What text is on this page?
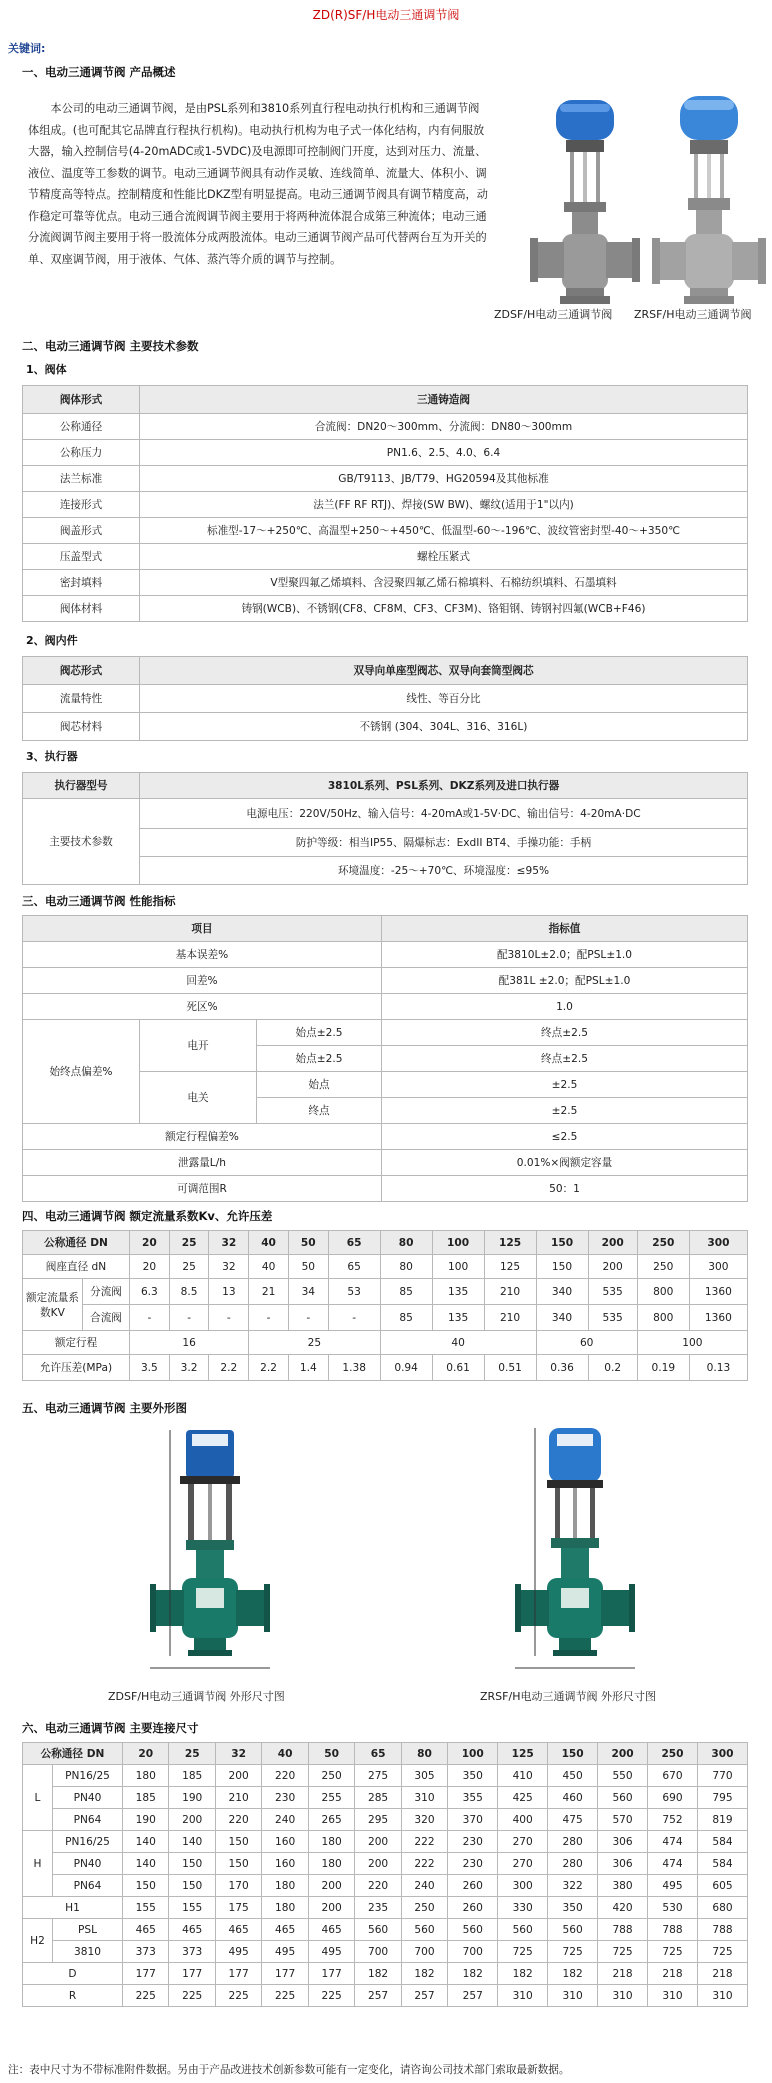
ZD(R)SF/H电动三通调节阀
关键词:
一、电动三通调节阀 产品概述
本公司的电动三通调节阀，是由PSL系列和3810系列直行程电动执行机构和三通调节阀体组成。(也可配其它品牌直行程执行机构)。电动执行机构为电子式一体化结构，内有伺服放大器，输入控制信号(4-20mADC或1-5VDC)及电源即可控制阀门开度，达到对压力、流量、液位、温度等工参数的调节。电动三通调节阀具有动作灵敏、连线简单、流量大、体积小、调节精度高等特点。控制精度和性能比DKZ型有明显提高。电动三通调节阀具有调节精度高，动作稳定可靠等优点。电动三通合流阀调节阀主要用于将两种流体混合成第三种流体；电动三通分流阀调节阀主要用于将一股流体分成两股流体。电动三通调节阀产品可代替两台互为开关的单、双座调节阀，用于液体、气体、蒸汽等介质的调节与控制。
ZDSF/H电动三通调节阀 ZRSF/H电动三通调节阀
二、电动三通调节阀 主要技术参数
1、阀体
阀体形式	三通铸造阀
公称通径	合流阀：DN20～300mm、分流阀：DN80～300mm
公称压力	PN1.6、2.5、4.0、6.4
法兰标准	GB/T9113、JB/T79、HG20594及其他标准
连接形式	法兰(FF RF RTJ)、焊接(SW BW)、螺纹(适用于1"以内)
阀盖形式	标准型-17～+250℃、高温型+250～+450℃、低温型-60～-196℃、波纹管密封型-40～+350℃
压盖型式	螺栓压紧式
密封填料	V型聚四氟乙烯填料、含浸聚四氟乙烯石棉填料、石棉纺织填料、石墨填料
阀体材料	铸钢(WCB)、不锈钢(CF8、CF8M、CF3、CF3M)、铬钼钢、铸钢衬四氟(WCB+F46)
2、阀内件
阀芯形式	双导向单座型阀芯、双导向套筒型阀芯
流量特性	线性、等百分比
阀芯材料	不锈钢 (304、304L、316、316L)
3、执行器
执行器型号	3810L系列、PSL系列、DKZ系列及进口执行器
主要技术参数	电源电压：220V/50Hz、输入信号：4-20mA或1-5V·DC、输出信号：4-20mA·DC
	防护等级：相当IP55、隔爆标志：ExdII BT4、手操功能：手柄
	环境温度：-25～+70℃、环境湿度：≤95%
三、电动三通调节阀 性能指标
项目			指标值
基本误差%			配3810L±2.0；配PSL±1.0
回差%			配381L ±2.0；配PSL±1.0
死区%			1.0
始终点偏差%	电开	始点±2.5	终点±2.5
		始点±2.5	终点±2.5
	电关	始点	±2.5
		终点	±2.5
额定行程偏差%			≤2.5
泄露量L/h			0.01%×阀额定容量
可调范围R			50：1
四、电动三通调节阀 额定流量系数Kv、允许压差
公称通径 DN		20	25	32	40	50	65	80	100	125	150	200	250	300
阀座直径 dN		20	25	32	40	50	65	80	100	125	150	200	250	300
额定流量系数KV	分流阀	6.3	8.5	13	21	34	53	85	135	210	340	535	800	1360
	合流阀	-	-	-	-	-	-	85	135	210	340	535	800	1360
额定行程		16			25			40			60		100	
允许压差(MPa)		3.5	3.2	2.2	2.2	1.4	1.38	0.94	0.61	0.51	0.36	0.2	0.19	0.13
五、电动三通调节阀 主要外形图
ZDSF/H电动三通调节阀 外形尺寸图	ZRSF/H电动三通调节阀 外形尺寸图
六、电动三通调节阀 主要连接尺寸
公称通径 DN		20	25	32	40	50	65	80	100	125	150	200	250	300
L	PN16/25	180	185	200	220	250	275	305	350	410	450	550	670	770
	PN40	185	190	210	230	255	285	310	355	425	460	560	690	795
	PN64	190	200	220	240	265	295	320	370	400	475	570	752	819
H	PN16/25	140	140	150	160	180	200	222	230	270	280	306	474	584
	PN40	140	150	150	160	180	200	222	230	270	280	306	474	584
	PN64	150	150	170	180	200	220	240	260	300	322	380	495	605
H1		155	155	175	180	200	235	250	260	330	350	420	530	680
H2	PSL	465	465	465	465	465	560	560	560	560	560	788	788	788
	3810	373	373	495	495	495	700	700	700	725	725	725	725	725
D		177	177	177	177	177	182	182	182	182	182	218	218	218
R		225	225	225	225	225	257	257	257	310	310	310	310	310
注：表中尺寸为不带标准附件数据。另由于产品改进技术创新参数可能有一定变化，请咨询公司技术部门索取最新数据。
